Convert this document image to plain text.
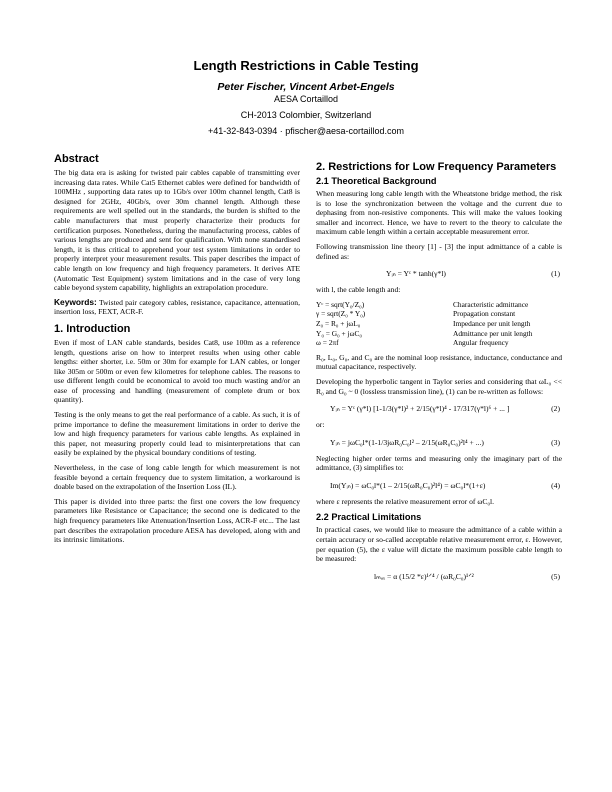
Length Restrictions in Cable Testing
Peter Fischer, Vincent Arbet-Engels
AESA Cortaillod
CH-2013 Colombier, Switzerland
+41-32-843-0394 · pfischer@aesa-cortaillod.com
Abstract
The big data era is asking for twisted pair cables capable of transmitting ever increasing data rates. While Cat5 Ethernet cables were defined for bandwidth of 100MHz , supporting data rates up to 1Gb/s over 100m channel length, Cat8 is designed for 2GHz, 40Gb/s, over 30m channel length. Although these requirements are well spelled out in the standards, the burden is shifted to the cable manufacturers that must properly characterize their products for certification purposes. Nonetheless, during the manufacturing process, cables of various lengths are produced and sent for qualification. With none standardised length, it is thus critical to apprehend your test system limitations in order to properly interpret your measurement results. This paper describes the impact of cable length on low frequency and high frequency parameters. It derives ATE (Automatic Test Equipment) system limitations and in the case of very long cable beyond system capability, highlights an extrapolation procedure.
Keywords: Twisted pair category cables, resistance, capacitance, attenuation, insertion loss, FEXT, ACR-F.
1. Introduction
Even if most of LAN cable standards, besides Cat8, use 100m as a reference length, questions arise on how to interpret results when using other cable lengths: either shorter, i.e. 50m or 30m for example for LAN cables, or longer like 305m or 500m or even few kilometres for telephone cables. The reasons to use different length could be economical to avoid too much wasting and/or an ease of processing and handling (measurement of complete drum or box quantity).
Testing is the only means to get the real performance of a cable. As such, it is of prime importance to define the measurement limitations in order to derive the low and high frequency parameters for various cable lengths. As explained in this paper, not measuring properly could lead to misinterpretations that can easily be explained by the physical boundary conditions of testing.
Nevertheless, in the case of long cable length for which measurement is not feasible beyond a certain frequency due to system limitation, a workaround is doable based on the extrapolation of the Insertion Loss (IL).
This paper is divided into three parts: the first one covers the low frequency parameters like Resistance or Capacitance; the second one is dedicated to the high frequency parameters like Attenuation/Insertion Loss, ACR-F etc... The last part describes the extrapolation procedure AESA has developed, along with and its intrinsic limitations.
2. Restrictions for Low Frequency Parameters
2.1 Theoretical Background
When measuring long cable length with the Wheatstone bridge method, the risk is to lose the synchronization between the voltage and the current due to dephasing from non-resistive components. This will make the values looking smaller and incorrect. Hence, we have to revert to the theory to calculate the maximum cable length within a certain acceptable measurement error.
Following transmission line theory [1] - [3] the input admittance of a cable is defined as:
Yᵢₙ = Yᶜ * tanh(γ*l)	(1)
with l, the cable length and:
Yᶜ = sqrt(Y₀/Z₀)	Characteristic admittance
γ = sqrt(Z₀ * Y₀)	Propagation constant
Z₀ = R₀ + jωL₀	Impedance per unit length
Y₀ = G₀ + jωC₀	Admittance per unit length
ω = 2πf	Angular frequency
R₀, L₀, G₀, and C₀ are the nominal loop resistance, inductance, conductance and mutual capacitance, respectively.
Developing the hyperbolic tangent in Taylor series and considering that ωL₀ << R₀ and G₀ ~ 0 (lossless transmission line), (1) can be re-written as follows:
Yᵢₙ = Yᶜ (γ*l) [1-1/3(γ*l)² + 2/15(γ*l)⁴ - 17/317(γ*l)⁶ + ... ]	(2)
or:
Yᵢₙ = jωC₀l*(1-1/3jωR₀C₀l² – 2/15(ωR₀C₀)²l⁴ + ...)	(3)
Neglecting higher order terms and measuring only the imaginary part of the admittance, (3) simplifies to:
Im(Yᵢₙ) = ωC₀l*(1 – 2/15(ωR₀C₀)²l⁴) = ωC₀l*(1+ε)	(4)
where ε represents the relative measurement error of ωC₀l.
2.2 Practical Limitations
In practical cases, we would like to measure the admittance of a cable within a certain accuracy or so-called acceptable relative measurement error, ε. However, per equation (5), the ε value will dictate the maximum possible cable length to be measured:
lₘₐₓ = α (15/2 *ε)¹ᐟ⁴ / (ωR₀C₀)¹ᐟ²	(5)
